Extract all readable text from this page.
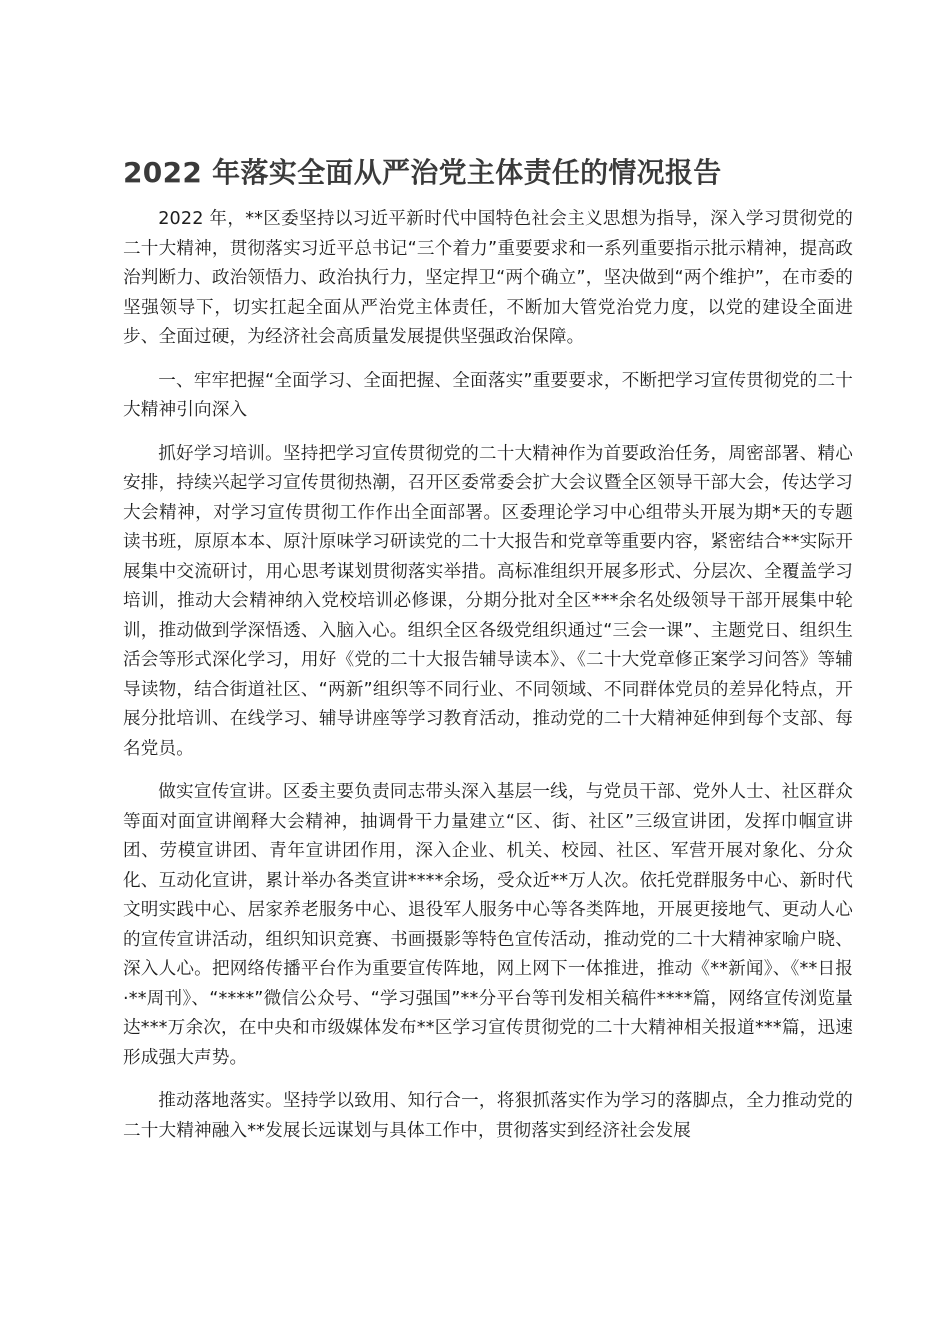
2022 年落实全面从严治党主体责任的情况报告

2022 年，**区委坚持以习近平新时代中国特色社会主义思想为指导，深入学习贯彻党的二十大精神，贯彻落实习近平总书记“三个着力”重要要求和一系列重要指示批示精神，提高政治判断力、政治领悟力、政治执行力，坚定捍卫“两个确立”，坚决做到“两个维护”，在市委的坚强领导下，切实扛起全面从严治党主体责任，不断加大管党治党力度，以党的建设全面进步、全面过硬，为经济社会高质量发展提供坚强政治保障。

一、牢牢把握“全面学习、全面把握、全面落实”重要要求，不断把学习宣传贯彻党的二十大精神引向深入

抓好学习培训。坚持把学习宣传贯彻党的二十大精神作为首要政治任务，周密部署、精心安排，持续兴起学习宣传贯彻热潮，召开区委常委会扩大会议暨全区领导干部大会，传达学习大会精神，对学习宣传贯彻工作作出全面部署。区委理论学习中心组带头开展为期*天的专题读书班，原原本本、原汁原味学习研读党的二十大报告和党章等重要内容，紧密结合**实际开展集中交流研讨，用心思考谋划贯彻落实举措。高标准组织开展多形式、分层次、全覆盖学习培训，推动大会精神纳入党校培训必修课，分期分批对全区***余名处级领导干部开展集中轮训，推动做到学深悟透、入脑入心。组织全区各级党组织通过“三会一课”、主题党日、组织生活会等形式深化学习，用好《党的二十大报告辅导读本》、《二十大党章修正案学习问答》等辅导读物，结合街道社区、“两新”组织等不同行业、不同领域、不同群体党员的差异化特点，开展分批培训、在线学习、辅导讲座等学习教育活动，推动党的二十大精神延伸到每个支部、每名党员。

做实宣传宣讲。区委主要负责同志带头深入基层一线，与党员干部、党外人士、社区群众等面对面宣讲阐释大会精神，抽调骨干力量建立“区、街、社区”三级宣讲团，发挥巾帼宣讲团、劳模宣讲团、青年宣讲团作用，深入企业、机关、校园、社区、军营开展对象化、分众化、互动化宣讲，累计举办各类宣讲****余场，受众近**万人次。依托党群服务中心、新时代文明实践中心、居家养老服务中心、退役军人服务中心等各类阵地，开展更接地气、更动人心的宣传宣讲活动，组织知识竞赛、书画摄影等特色宣传活动，推动党的二十大精神家喻户晓、深入人心。把网络传播平台作为重要宣传阵地，网上网下一体推进，推动《**新闻》、《**日报·**周刊》、“****”微信公众号、“学习强国”**分平台等刊发相关稿件****篇，网络宣传浏览量达***万余次，在中央和市级媒体发布**区学习宣传贯彻党的二十大精神相关报道***篇，迅速形成强大声势。

推动落地落实。坚持学以致用、知行合一，将狠抓落实作为学习的落脚点，全力推动党的二十大精神融入**发展长远谋划与具体工作中，贯彻落实到经济社会发展
